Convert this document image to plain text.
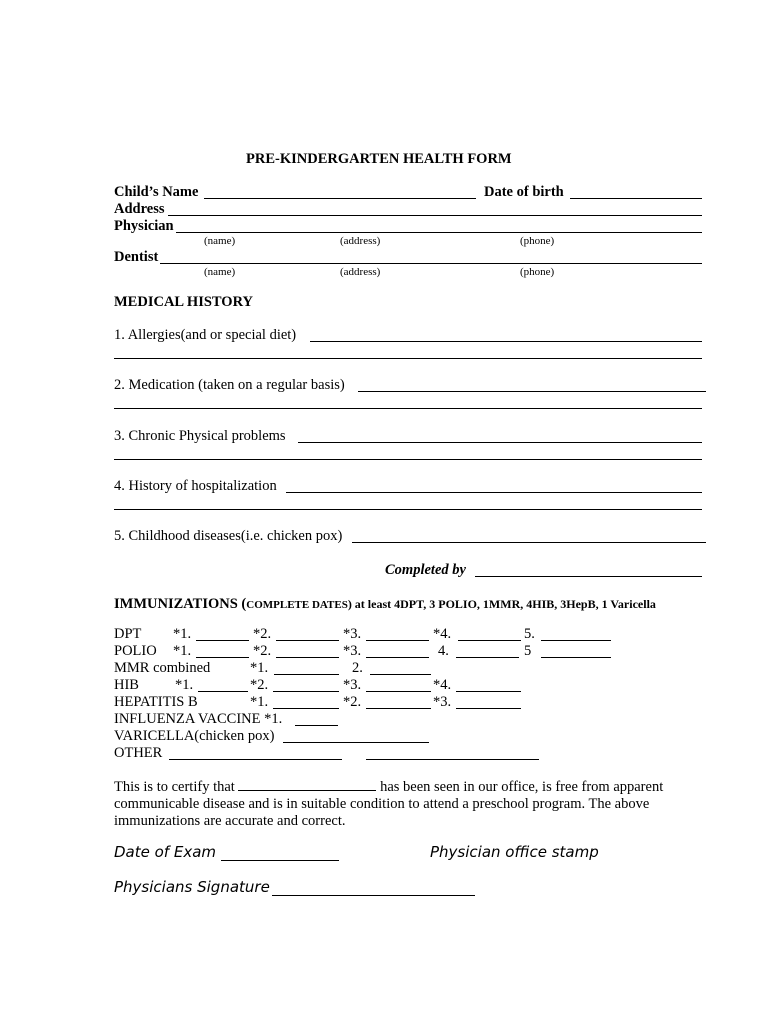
PRE-KINDERGARTEN HEALTH FORM
Child’s Name	Date of birth
Address
Physician
(name)	(address)	(phone)
Dentist
(name)	(address)	(phone)
MEDICAL HISTORY
1. Allergies(and or special diet)
2. Medication (taken on a regular basis)
3. Chronic Physical problems
4. History of hospitalization
5. Childhood diseases(i.e. chicken pox)
Completed by
IMMUNIZATIONS (COMPLETE DATES) at least 4DPT, 3 POLIO, 1MMR, 4HIB, 3HepB, 1 Varicella
DPT *1.	*2.	*3.	*4.	5.
POLIO *1.	*2.	*3.	4.	5
MMR combined	*1.	2.
HIB *1.	*2.	*3.	*4.
HEPATITIS B	*1.	*2.	*3.
INFLUENZA VACCINE *1.
VARICELLA(chicken pox)
OTHER
This is to certify that	has been seen in our office, is free from apparent communicable disease and is in suitable condition to attend a preschool program. The above immunizations are accurate and correct.
Date of Exam	Physician office stamp
Physicians Signature
